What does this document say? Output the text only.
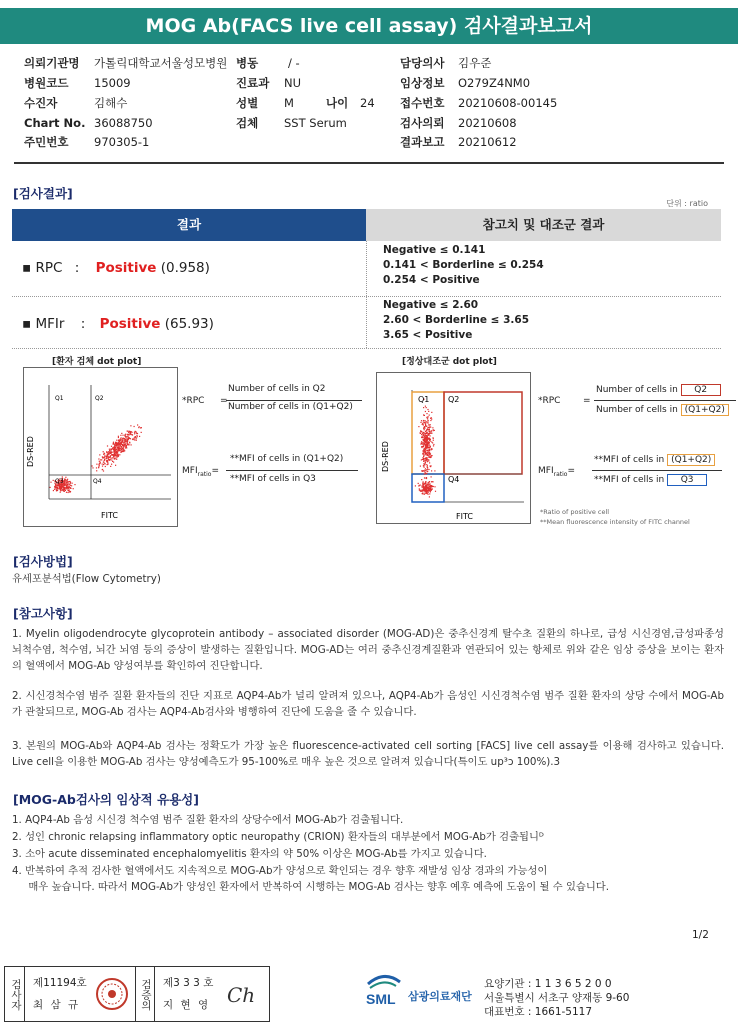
MOG Ab(FACS live cell assay) 검사결과보고서
의뢰기관명 가톨릭대학교서울성모병원
병원코드 15009
수진자	김해수
Chart No. 36088750
주민번호 970305-1
병동	/ -
진료과 NU
성별 M	나이 24
검체 SST Serum
담당의사 김우준
임상정보 O279Z4NM0
접수번호 20210608-00145
검사의뢰 20210608
결과보고 20210612
[검사결과]
단위 : ratio
결과	참고치 및 대조군 결과
▪ RPC : Positive (0.958)
Negative ≤ 0.141
0.141 < Borderline ≤ 0.254
0.254 < Positive
▪ MFIr : Positive (65.93)
Negative ≤ 2.60
2.60 < Borderline ≤ 3.65
3.65 < Positive
[환자 검체 dot plot]	[정상대조군 dot plot]
Q1	Q2
Q3	Q4
FITC
DS-RED
Q1 Q2
Q4
FITC
DS-RED
*RPC =
Number of cells in Q2
Number of cells in (Q1+Q2)
$MFI_{ratio}=$
**MFI of cells in (Q1+Q2)
**MFI of cells in Q3
*RPC	=
Number of cells in Q2
Number of cells in (Q1+Q2)
$MFI_{ratio}=$
**MFI of cells in (Q1+Q2)
**MFI of cells in Q3
*Ratio of positive cell
**Mean fluorescence intensity of FITC channel
[검사방법]
유세포분석법(Flow Cytometry)
[참고사항]
1. Myelin oligodendrocyte glycoprotein antibody – associated disorder (MOG-AD)은 중추신경계 탈수초 질환의 하나로, 급성 시신경염,급성파종성 뇌척수염, 척수염, 뇌간 뇌염 등의 증상이 발생하는 질환입니다. MOG-AD는 여러 중추신경계질환과 연관되어 있는 항체로 위와 같은 임상 증상을 보이는 환자의 혈액에서 MOG-Ab 양성여부를 확인하여 진단합니다.
2. 시신경척수염 범주 질환 환자들의 진단 지표로 AQP4-Ab가 널리 알려져 있으나, AQP4-Ab가 음성인 시신경척수염 범주 질환 환자의 상당 수에서 MOG-Ab가 관찰되므로, MOG-Ab 검사는 AQP4-Ab검사와 병행하여 진단에 도움을 줄 수 있습니다.
3. 본원의 MOG-Ab와 AQP4-Ab 검사는 정확도가 가장 높은 fluorescence-activated cell sorting [FACS] live cell assay를 이용해 검사하고 있습니다. Live cell을 이용한 MOG-Ab 검사는 양성예측도가 95-100%로 매우 높은 것으로 알려져 있습니다(특이도 up³ᴐ 100%).3
[MOG-Ab검사의 임상적 유용성]
1. AQP4-Ab 음성 시신경 척수염 범주 질환 환자의 상당수에서 MOG-Ab가 검출됩니다.
2. 성인 chronic relapsing inflammatory optic neuropathy (CRION) 환자들의 대부분에서 MOG-Ab가 검출됩니ᴰ
3. 소아 acute disseminated encephalomyelitis 환자의 약 50% 이상은 MOG-Ab를 가지고 있습니다.
4. 반복하여 추적 검사한 혈액에서도 지속적으로 MOG-Ab가 양성으로 확인되는 경우 향후 재발성 임상 경과의 가능성이
매우 높습니다. 따라서 MOG-Ab가 양성인 환자에서 반복하여 시행하는 MOG-Ab 검사는 향후 예후 예측에 도움이 될 수 있습니다.
1/2
검사자 제11194호
최 삼 규	검증의 제3 3 3 호
지 현 영 Ch	SML 삼광의료재단
요양기관 : 1 1 3 6 5 2 0 0
서울특별시 서초구 양재동 9-60
대표번호 : 1661-5117
